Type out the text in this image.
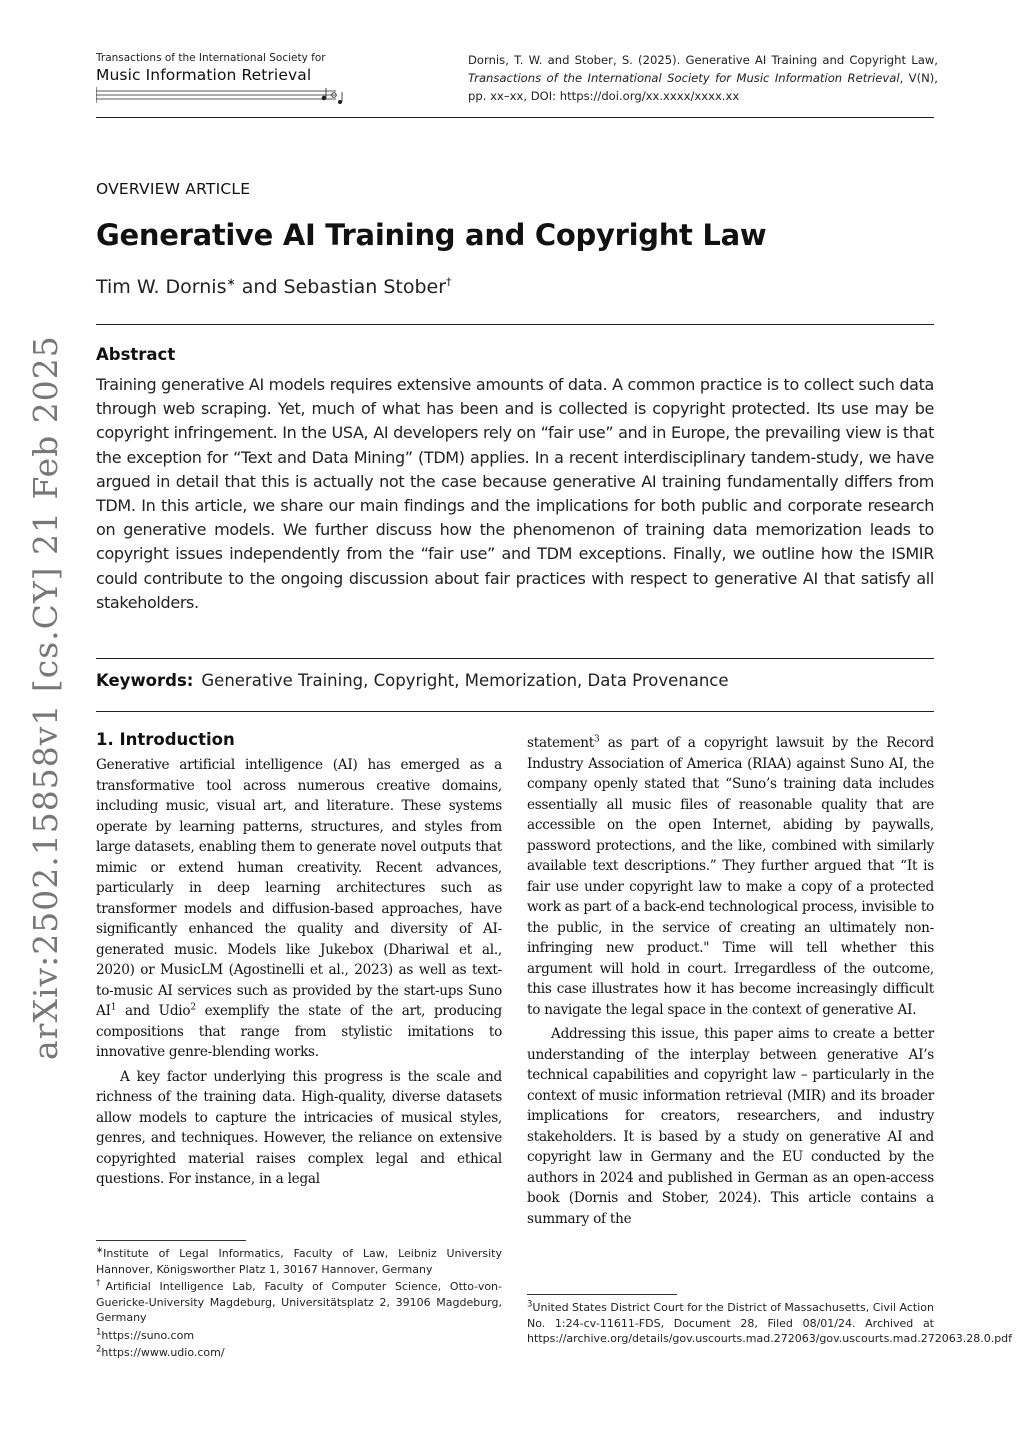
Transactions of the International Society for
Music Information Retrieval
Dornis, T. W. and Stober, S. (2025). Generative AI Training and Copyright Law, Transactions of the International Society for Music Information Retrieval, V(N), pp. xx–xx, DOI: https://doi.org/xx.xxxx/xxxx.xx
OVERVIEW ARTICLE
Generative AI Training and Copyright Law
Tim W. Dornis∗ and Sebastian Stober†
Abstract

Training generative AI models requires extensive amounts of data. A common practice is to collect such data through web scraping. Yet, much of what has been and is collected is copyright protected. Its use may be copyright infringement. In the USA, AI developers rely on “fair use” and in Europe, the prevailing view is that the exception for “Text and Data Mining” (TDM) applies. In a recent interdisciplinary tandem-study, we have argued in detail that this is actually not the case because generative AI training fundamentally differs from TDM. In this article, we share our main findings and the implications for both public and corporate research on generative models. We further discuss how the phenomenon of training data memorization leads to copyright issues independently from the “fair use” and TDM exceptions. Finally, we outline how the ISMIR could contribute to the ongoing discussion about fair practices with respect to generative AI that satisfy all stakeholders.

Keywords: Generative Training, Copyright, Memorization, Data Provenance
arXiv:2502.15858v1 [cs.CY] 21 Feb 2025 1. Introduction

Generative artificial intelligence (AI) has emerged as a transformative tool across numerous creative domains, including music, visual art, and literature. These systems operate by learning patterns, structures, and styles from large datasets, enabling them to generate novel outputs that mimic or extend human creativity. Recent advances, particularly in deep learning architectures such as transformer models and diffusion-based approaches, have significantly enhanced the quality and diversity of AI-generated music. Models like Jukebox (Dhariwal et al., 2020) or MusicLM (Agostinelli et al., 2023) as well as text-to-music AI services such as provided by the start-ups Suno $AI^1$ and Udio$^2$ exemplify the state of the art, producing compositions that range from stylistic imitations to innovative genre-blending works.

A key factor underlying this progress is the scale and richness of the training data. High-quality, diverse datasets allow models to capture the intricacies of musical styles, genres, and techniques. However, the reliance on extensive copyrighted material raises complex legal and ethical questions. For instance, in a legal

∗Institute of Legal Informatics, Faculty of Law, Leibniz University Hannover, Königsworther Platz 1, 30167 Hannover, Germany

†Artificial Intelligence Lab, Faculty of Computer Science, Otto-von-Guericke-University Magdeburg, Universitätsplatz 2, 39106 Magdeburg, Germany

$^1$https://suno.com

$^2$https://www.udio.com/

statement$^3$ as part of a copyright lawsuit by the Record Industry Association of America (RIAA) against Suno AI, the company openly stated that “Suno’s training data includes essentially all music files of reasonable quality that are accessible on the open Internet, abiding by paywalls, password protections, and the like, combined with similarly available text descriptions.” They further argued that “It is fair use under copyright law to make a copy of a protected work as part of a back-end technological process, invisible to the public, in the service of creating an ultimately non-infringing new product." Time will tell whether this argument will hold in court. Irregardless of the outcome, this case illustrates how it has become increasingly difficult to navigate the legal space in the context of generative AI.

Addressing this issue, this paper aims to create a better understanding of the interplay between generative AI’s technical capabilities and copyright law – particularly in the context of music information retrieval (MIR) and its broader implications for creators, researchers, and industry stakeholders. It is based by a study on generative AI and copyright law in Germany and the EU conducted by the authors in 2024 and published in German as an open-access book (Dornis and Stober, 2024). This article contains a summary of the

$^3$United States District Court for the District of Massachusetts, Civil Action No. 1:24-cv-11611-FDS, Document 28, Filed 08/01/24. Archived at https://archive.org/details/gov.uscourts.mad.272063/gov.uscourts.mad.272063.28.0.pdf
